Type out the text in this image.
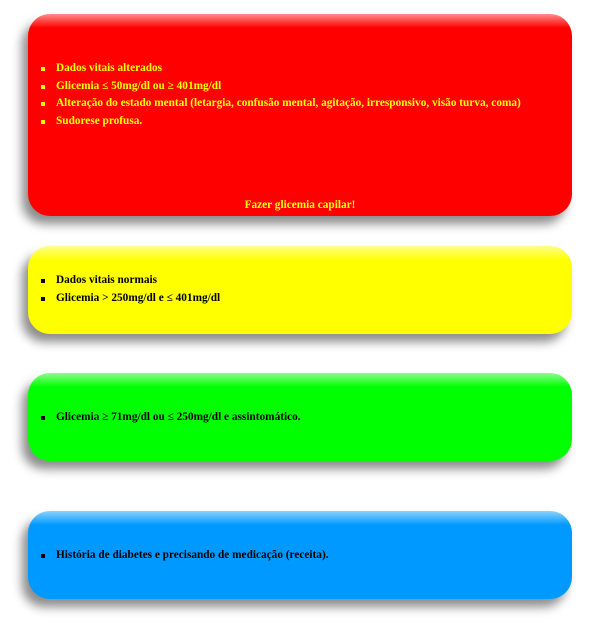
Dados vitais alterados
Glicemia ≤ 50mg/dl ou ≥ 401mg/dl
Alteração do estado mental (letargia, confusão mental, agitação, irresponsivo, visão turva, coma)
Sudorese profusa.
Fazer glicemia capilar!
Dados vitais normais
Glicemia > 250mg/dl e ≤ 401mg/dl
Glicemia ≥ 71mg/dl ou ≤ 250mg/dl e assintomático.
História de diabetes e precisando de medicação (receita).
